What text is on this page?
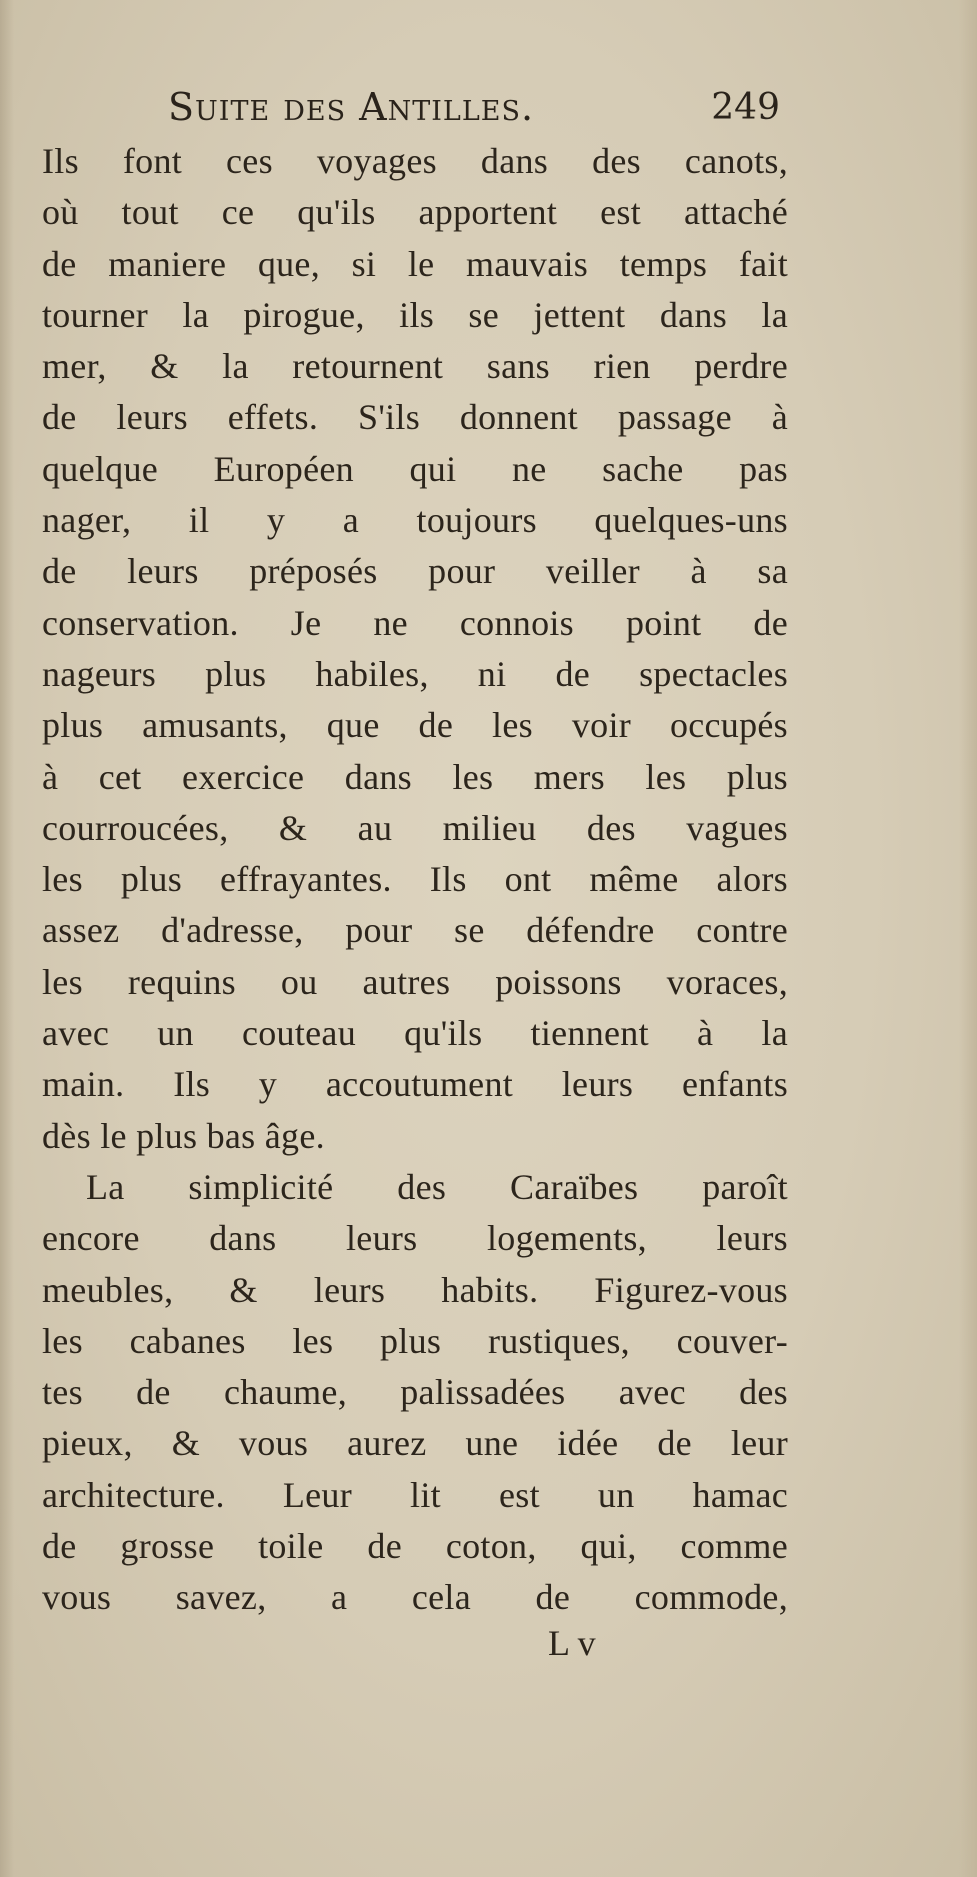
Suite des Antilles.	249
Ils font ces voyages dans des canots,
où tout ce qu'ils apportent est attaché
de maniere que, si le mauvais temps fait
tourner la pirogue, ils se jettent dans la
mer, & la retournent sans rien perdre
de leurs effets. S'ils donnent passage à
quelque Européen qui ne sache pas
nager, il y a toujours quelques-uns
de leurs préposés pour veiller à sa
conservation. Je ne connois point de
nageurs plus habiles, ni de spectacles
plus amusants, que de les voir occupés
à cet exercice dans les mers les plus
courroucées, & au milieu des vagues
les plus effrayantes. Ils ont même alors
assez d'adresse, pour se défendre contre
les requins ou autres poissons voraces,
avec un couteau qu'ils tiennent à la
main. Ils y accoutument leurs enfants
dès le plus bas âge.
La simplicité des Caraïbes paroît
encore dans leurs logements, leurs
meubles, & leurs habits. Figurez-vous
les cabanes les plus rustiques, couver-
tes de chaume, palissadées avec des
pieux, & vous aurez une idée de leur
architecture. Leur lit est un hamac
de grosse toile de coton, qui, comme
vous savez, a cela de commode,
L v
